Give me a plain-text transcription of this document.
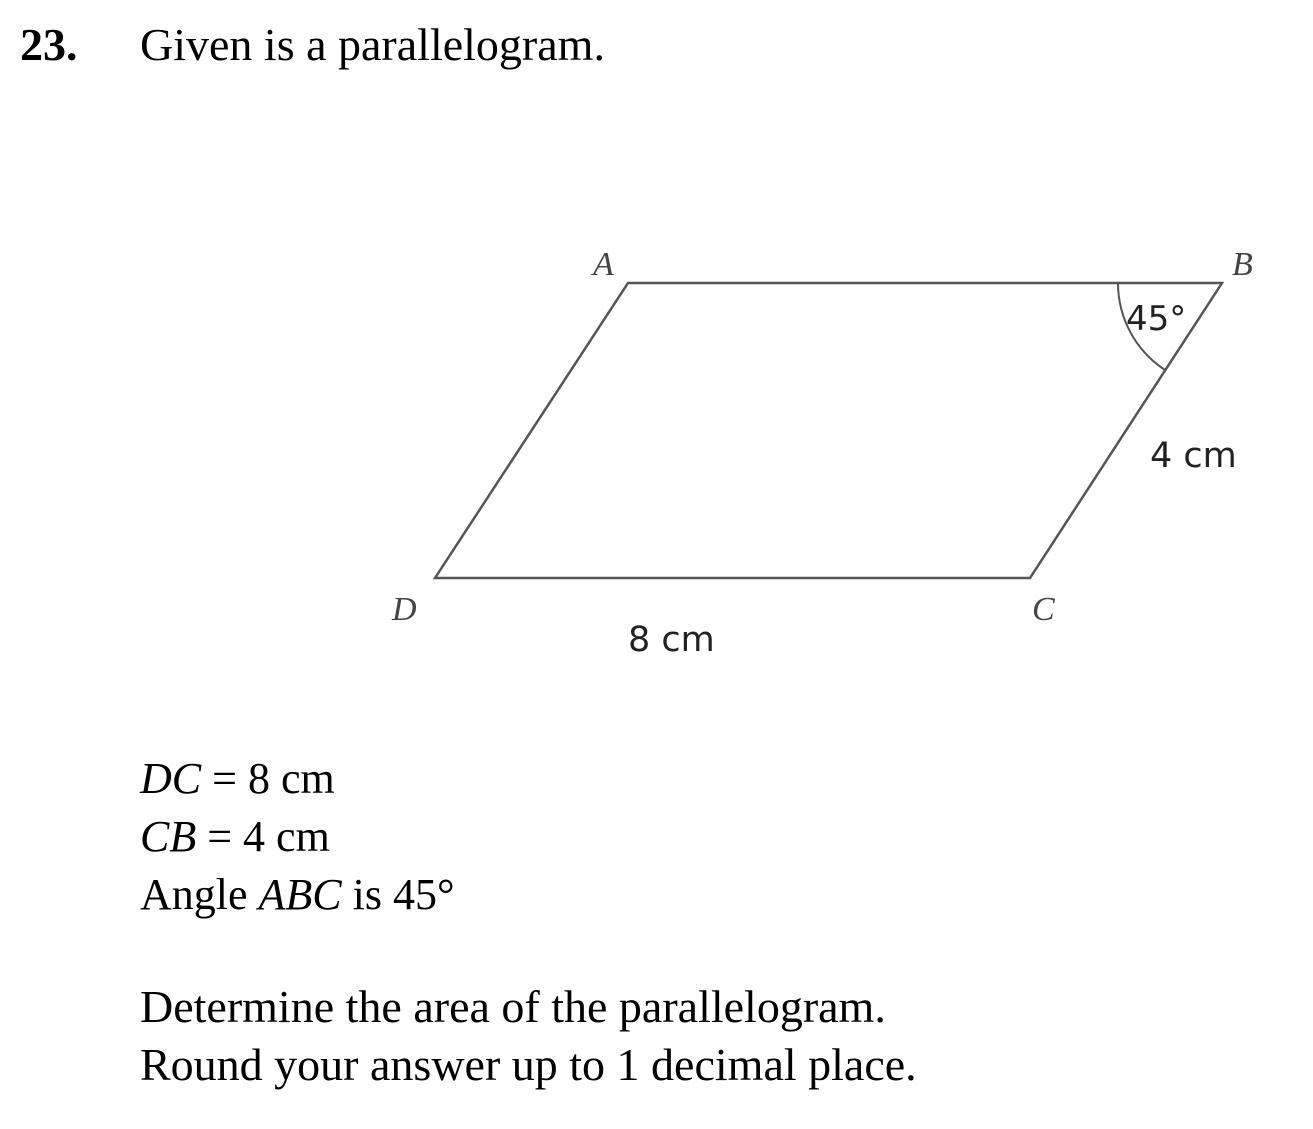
23. Given is a parallelogram.
A	B
C
D
45°
4 cm
8 cm
DC = 8 cm
CB = 4 cm
Angle ABC is 45°
Determine the area of the parallelogram.
Round your answer up to 1 decimal place.
